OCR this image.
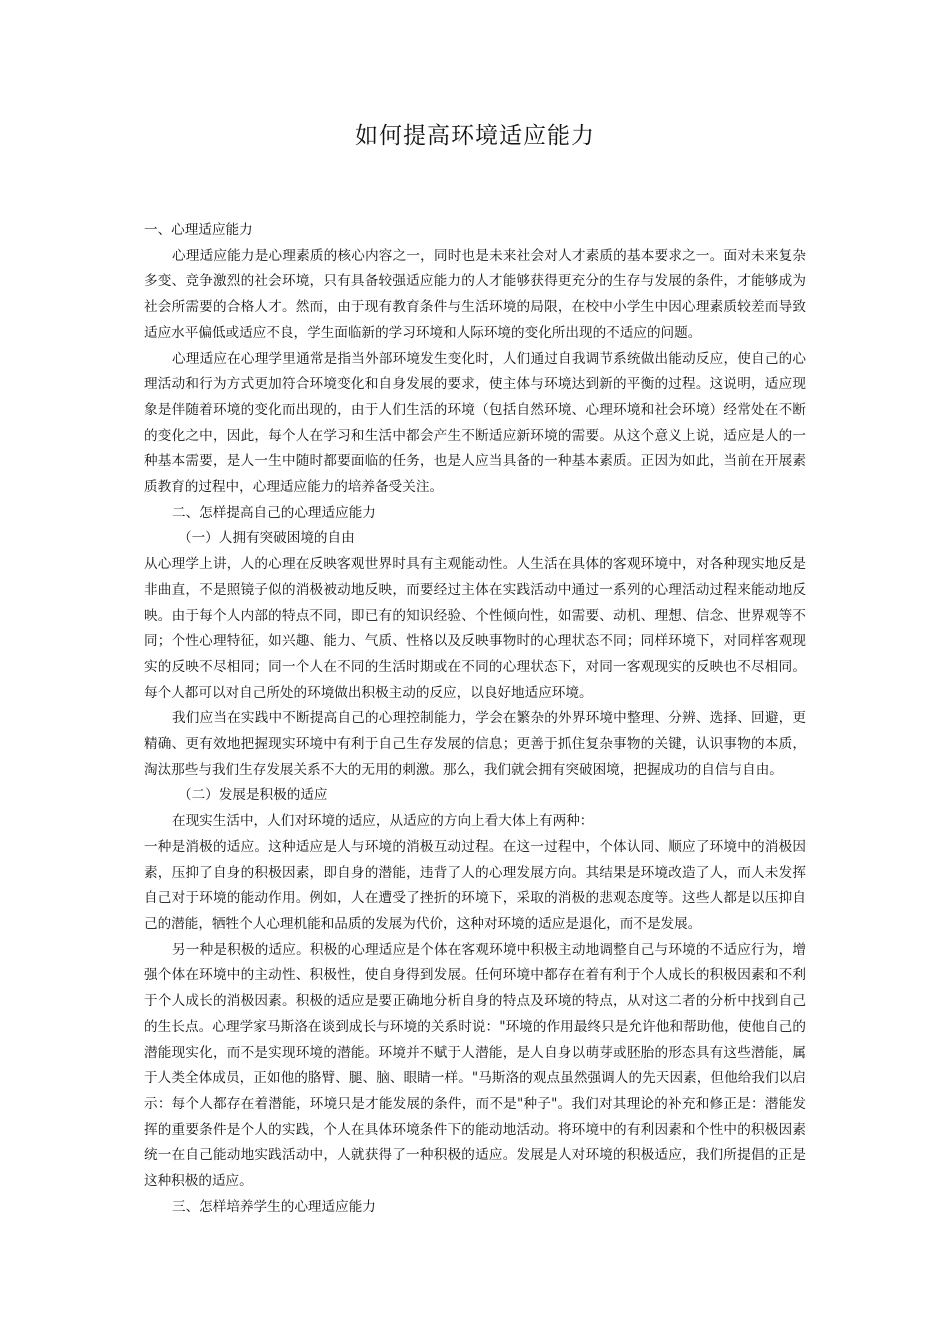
如何提高环境适应能力

一、心理适应能力

心理适应能力是心理素质的核心内容之一，同时也是未来社会对人才素质的基本要求之一。面对未来复杂多变、竞争激烈的社会环境，只有具备较强适应能力的人才能够获得更充分的生存与发展的条件，才能够成为社会所需要的合格人才。然而，由于现有教育条件与生活环境的局限，在校中小学生中因心理素质较差而导致适应水平偏低或适应不良，学生面临新的学习环境和人际环境的变化所出现的不适应的问题。

心理适应在心理学里通常是指当外部环境发生变化时，人们通过自我调节系统做出能动反应，使自己的心理活动和行为方式更加符合环境变化和自身发展的要求，使主体与环境达到新的平衡的过程。这说明，适应现象是伴随着环境的变化而出现的，由于人们生活的环境（包括自然环境、心理环境和社会环境）经常处在不断的变化之中，因此，每个人在学习和生活中都会产生不断适应新环境的需要。从这个意义上说，适应是人的一种基本需要，是人一生中随时都要面临的任务，也是人应当具备的一种基本素质。正因为如此，当前在开展素质教育的过程中，心理适应能力的培养备受关注。

二、怎样提高自己的心理适应能力

（一）人拥有突破困境的自由

从心理学上讲，人的心理在反映客观世界时具有主观能动性。人生活在具体的客观环境中，对各种现实地反是非曲直，不是照镜子似的消极被动地反映，而要经过主体在实践活动中通过一系列的心理活动过程来能动地反映。由于每个人内部的特点不同，即已有的知识经验、个性倾向性，如需要、动机、理想、信念、世界观等不同；个性心理特征，如兴趣、能力、气质、性格以及反映事物时的心理状态不同；同样环境下，对同样客观现实的反映不尽相同；同一个人在不同的生活时期或在不同的心理状态下，对同一客观现实的反映也不尽相同。每个人都可以对自己所处的环境做出积极主动的反应，以良好地适应环境。

我们应当在实践中不断提高自己的心理控制能力，学会在繁杂的外界环境中整理、分辨、选择、回避，更精确、更有效地把握现实环境中有利于自己生存发展的信息；更善于抓住复杂事物的关键，认识事物的本质，淘汰那些与我们生存发展关系不大的无用的刺激。那么，我们就会拥有突破困境，把握成功的自信与自由。

（二）发展是积极的适应

在现实生活中，人们对环境的适应，从适应的方向上看大体上有两种：

一种是消极的适应。这种适应是人与环境的消极互动过程。在这一过程中，个体认同、顺应了环境中的消极因素，压抑了自身的积极因素，即自身的潜能，违背了人的心理发展方向。其结果是环境改造了人，而人未发挥自己对于环境的能动作用。例如，人在遭受了挫折的环境下，采取的消极的悲观态度等。这些人都是以压抑自己的潜能，牺牲个人心理机能和品质的发展为代价，这种对环境的适应是退化，而不是发展。

另一种是积极的适应。积极的心理适应是个体在客观环境中积极主动地调整自己与环境的不适应行为，增强个体在环境中的主动性、积极性，使自身得到发展。任何环境中都存在着有利于个人成长的积极因素和不利于个人成长的消极因素。积极的适应是要正确地分析自身的特点及环境的特点，从对这二者的分析中找到自己的生长点。心理学家马斯洛在谈到成长与环境的关系时说："环境的作用最终只是允许他和帮助他，使他自己的潜能现实化，而不是实现环境的潜能。环境并不赋于人潜能，是人自身以萌芽或胚胎的形态具有这些潜能，属于人类全体成员，正如他的胳臂、腿、脑、眼睛一样。"马斯洛的观点虽然强调人的先天因素，但他给我们以启示：每个人都存在着潜能，环境只是才能发展的条件，而不是"种子"。我们对其理论的补充和修正是：潜能发挥的重要条件是个人的实践，个人在具体环境条件下的能动地活动。将环境中的有利因素和个性中的积极因素统一在自己能动地实践活动中，人就获得了一种积极的适应。发展是人对环境的积极适应，我们所提倡的正是这种积极的适应。

三、怎样培养学生的心理适应能力
